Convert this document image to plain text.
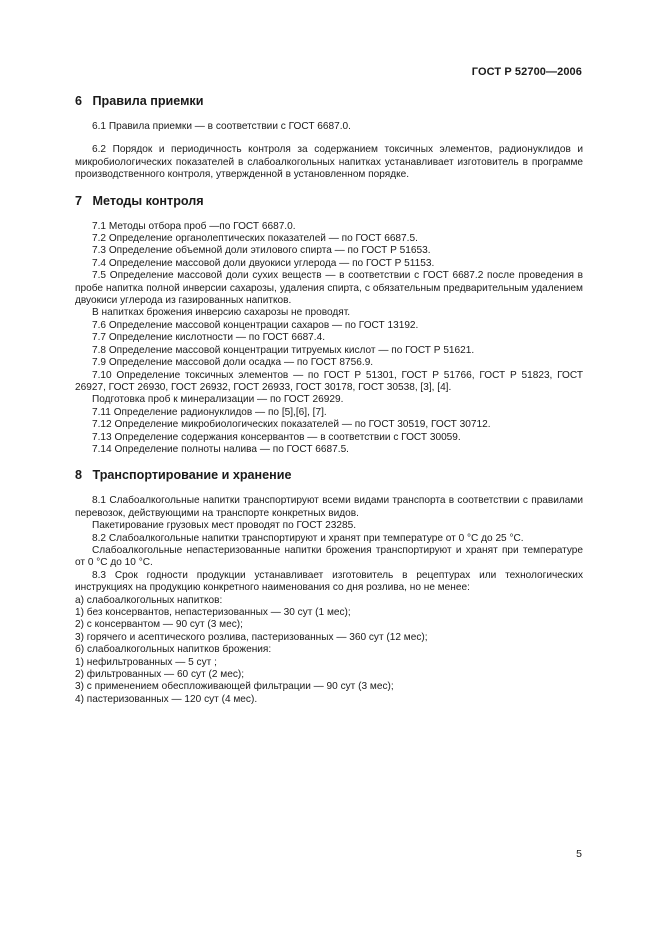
ГОСТ Р 52700—2006
6 Правила приемки

6.1 Правила приемки — в соответствии с ГОСТ 6687.0.

6.2 Порядок и периодичность контроля за содержанием токсичных элементов, радионуклидов и микробиологических показателей в слабоалкогольных напитках устанавливает изготовитель в программе производственного контроля, утвержденной в установленном порядке.

7 Методы контроля

7.1 Методы отбора проб —по ГОСТ 6687.0.

7.2 Определение органолептических показателей — по ГОСТ 6687.5.

7.3 Определение объемной доли этилового спирта — по ГОСТ Р 51653.

7.4 Определение массовой доли двуокиси углерода — по ГОСТ Р 51153.

7.5 Определение массовой доли сухих веществ — в соответствии с ГОСТ 6687.2 после проведения в пробе напитка полной инверсии сахарозы, удаления спирта, с обязательным предварительным удалением двуокиси углерода из газированных напитков.

В напитках брожения инверсию сахарозы не проводят.

7.6 Определение массовой концентрации сахаров — по ГОСТ 13192.

7.7 Определение кислотности — по ГОСТ 6687.4.

7.8 Определение массовой концентрации титруемых кислот — по ГОСТ Р 51621.

7.9 Определение массовой доли осадка — по ГОСТ 8756.9.

7.10 Определение токсичных элементов — по ГОСТ Р 51301, ГОСТ Р 51766, ГОСТ Р 51823, ГОСТ 26927, ГОСТ 26930, ГОСТ 26932, ГОСТ 26933, ГОСТ 30178, ГОСТ 30538, [3], [4].

Подготовка проб к минерализации — по ГОСТ 26929.

7.11 Определение радионуклидов — по [5],[6], [7].

7.12 Определение микробиологических показателей — по ГОСТ 30519, ГОСТ 30712.

7.13 Определение содержания консервантов — в соответствии с ГОСТ 30059.

7.14 Определение полноты налива — по ГОСТ 6687.5.

8 Транспортирование и хранение

8.1 Слабоалкогольные напитки транспортируют всеми видами транспорта в соответствии с правилами перевозок, действующими на транспорте конкретных видов.

Пакетирование грузовых мест проводят по ГОСТ 23285.

8.2 Слабоалкогольные напитки транспортируют и хранят при температуре от 0 °С до 25 °С.

Слабоалкогольные непастеризованные напитки брожения транспортируют и хранят при температуре от 0 °С до 10 °С.

8.3 Срок годности продукции устанавливает изготовитель в рецептурах или технологических инструкциях на продукцию конкретного наименования со дня розлива, но не менее:

а) слабоалкогольных напитков:

1) без консервантов, непастеризованных — 30 сут (1 мес);

2) с консервантом — 90 сут (3 мес);

3) горячего и асептического розлива, пастеризованных — 360 сут (12 мес);

б) слабоалкогольных напитков брожения:

1) нефильтрованных — 5 сут ;

2) фильтрованных — 60 сут (2 мес);

3) с применением обеспложивающей фильтрации — 90 сут (3 мес);

4) пастеризованных — 120 сут (4 мес).

5
